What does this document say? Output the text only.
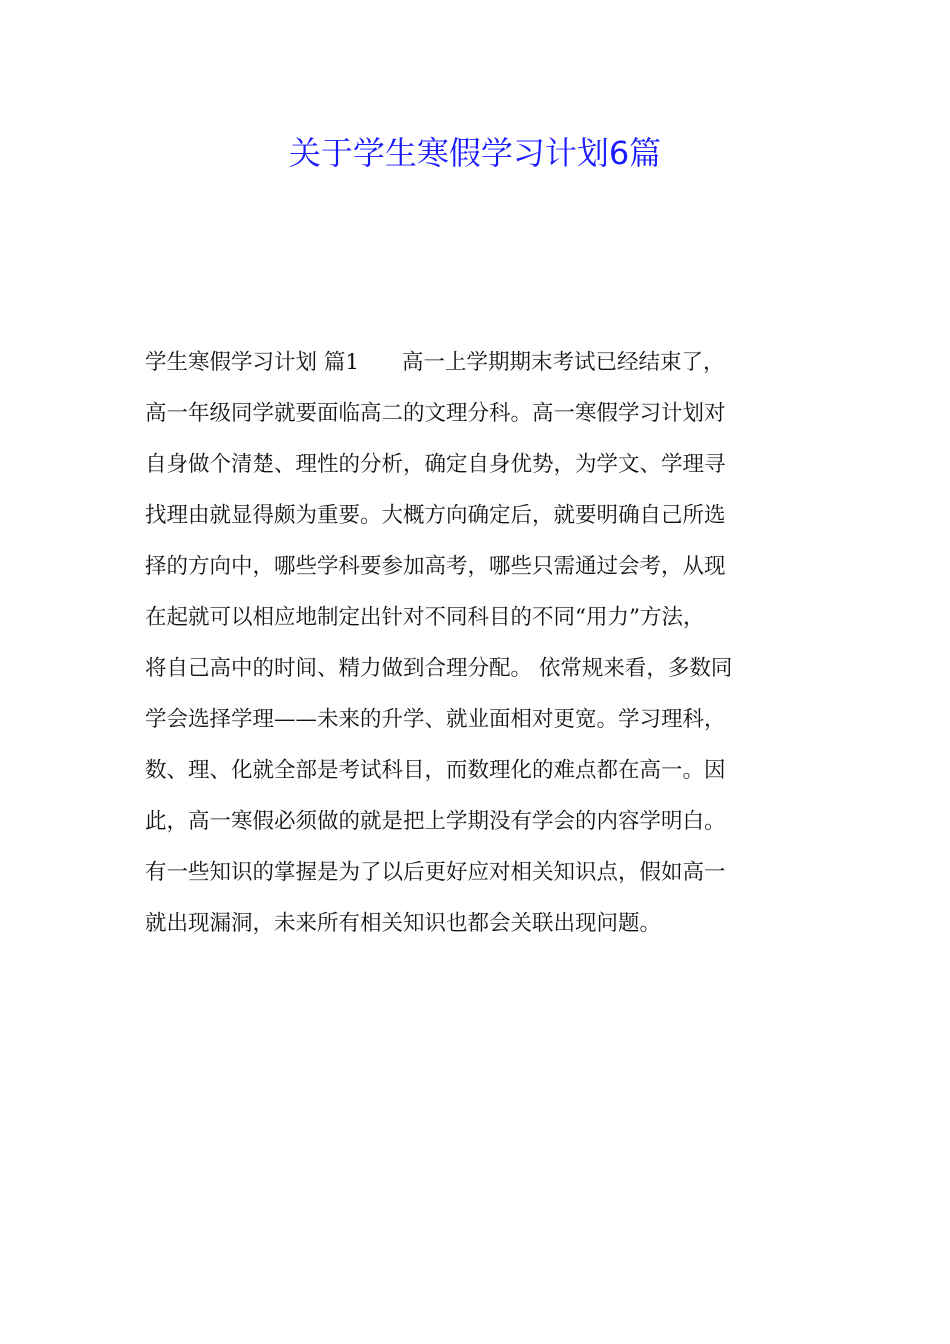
关于学生寒假学习计划6篇
学生寒假学习计划 篇1　　高一上学期期末考试已经结束了，
高一年级同学就要面临高二的文理分科。高一寒假学习计划对
自身做个清楚、理性的分析，确定自身优势，为学文、学理寻
找理由就显得颇为重要。大概方向确定后，就要明确自己所选
择的方向中，哪些学科要参加高考，哪些只需通过会考，从现
在起就可以相应地制定出针对不同科目的不同“用力”方法，
将自己高中的时间、精力做到合理分配。 依常规来看，多数同
学会选择学理——未来的升学、就业面相对更宽。学习理科，
数、理、化就全部是考试科目，而数理化的难点都在高一。因
此，高一寒假必须做的就是把上学期没有学会的内容学明白。
有一些知识的掌握是为了以后更好应对相关知识点，假如高一
就出现漏洞，未来所有相关知识也都会关联出现问题。
